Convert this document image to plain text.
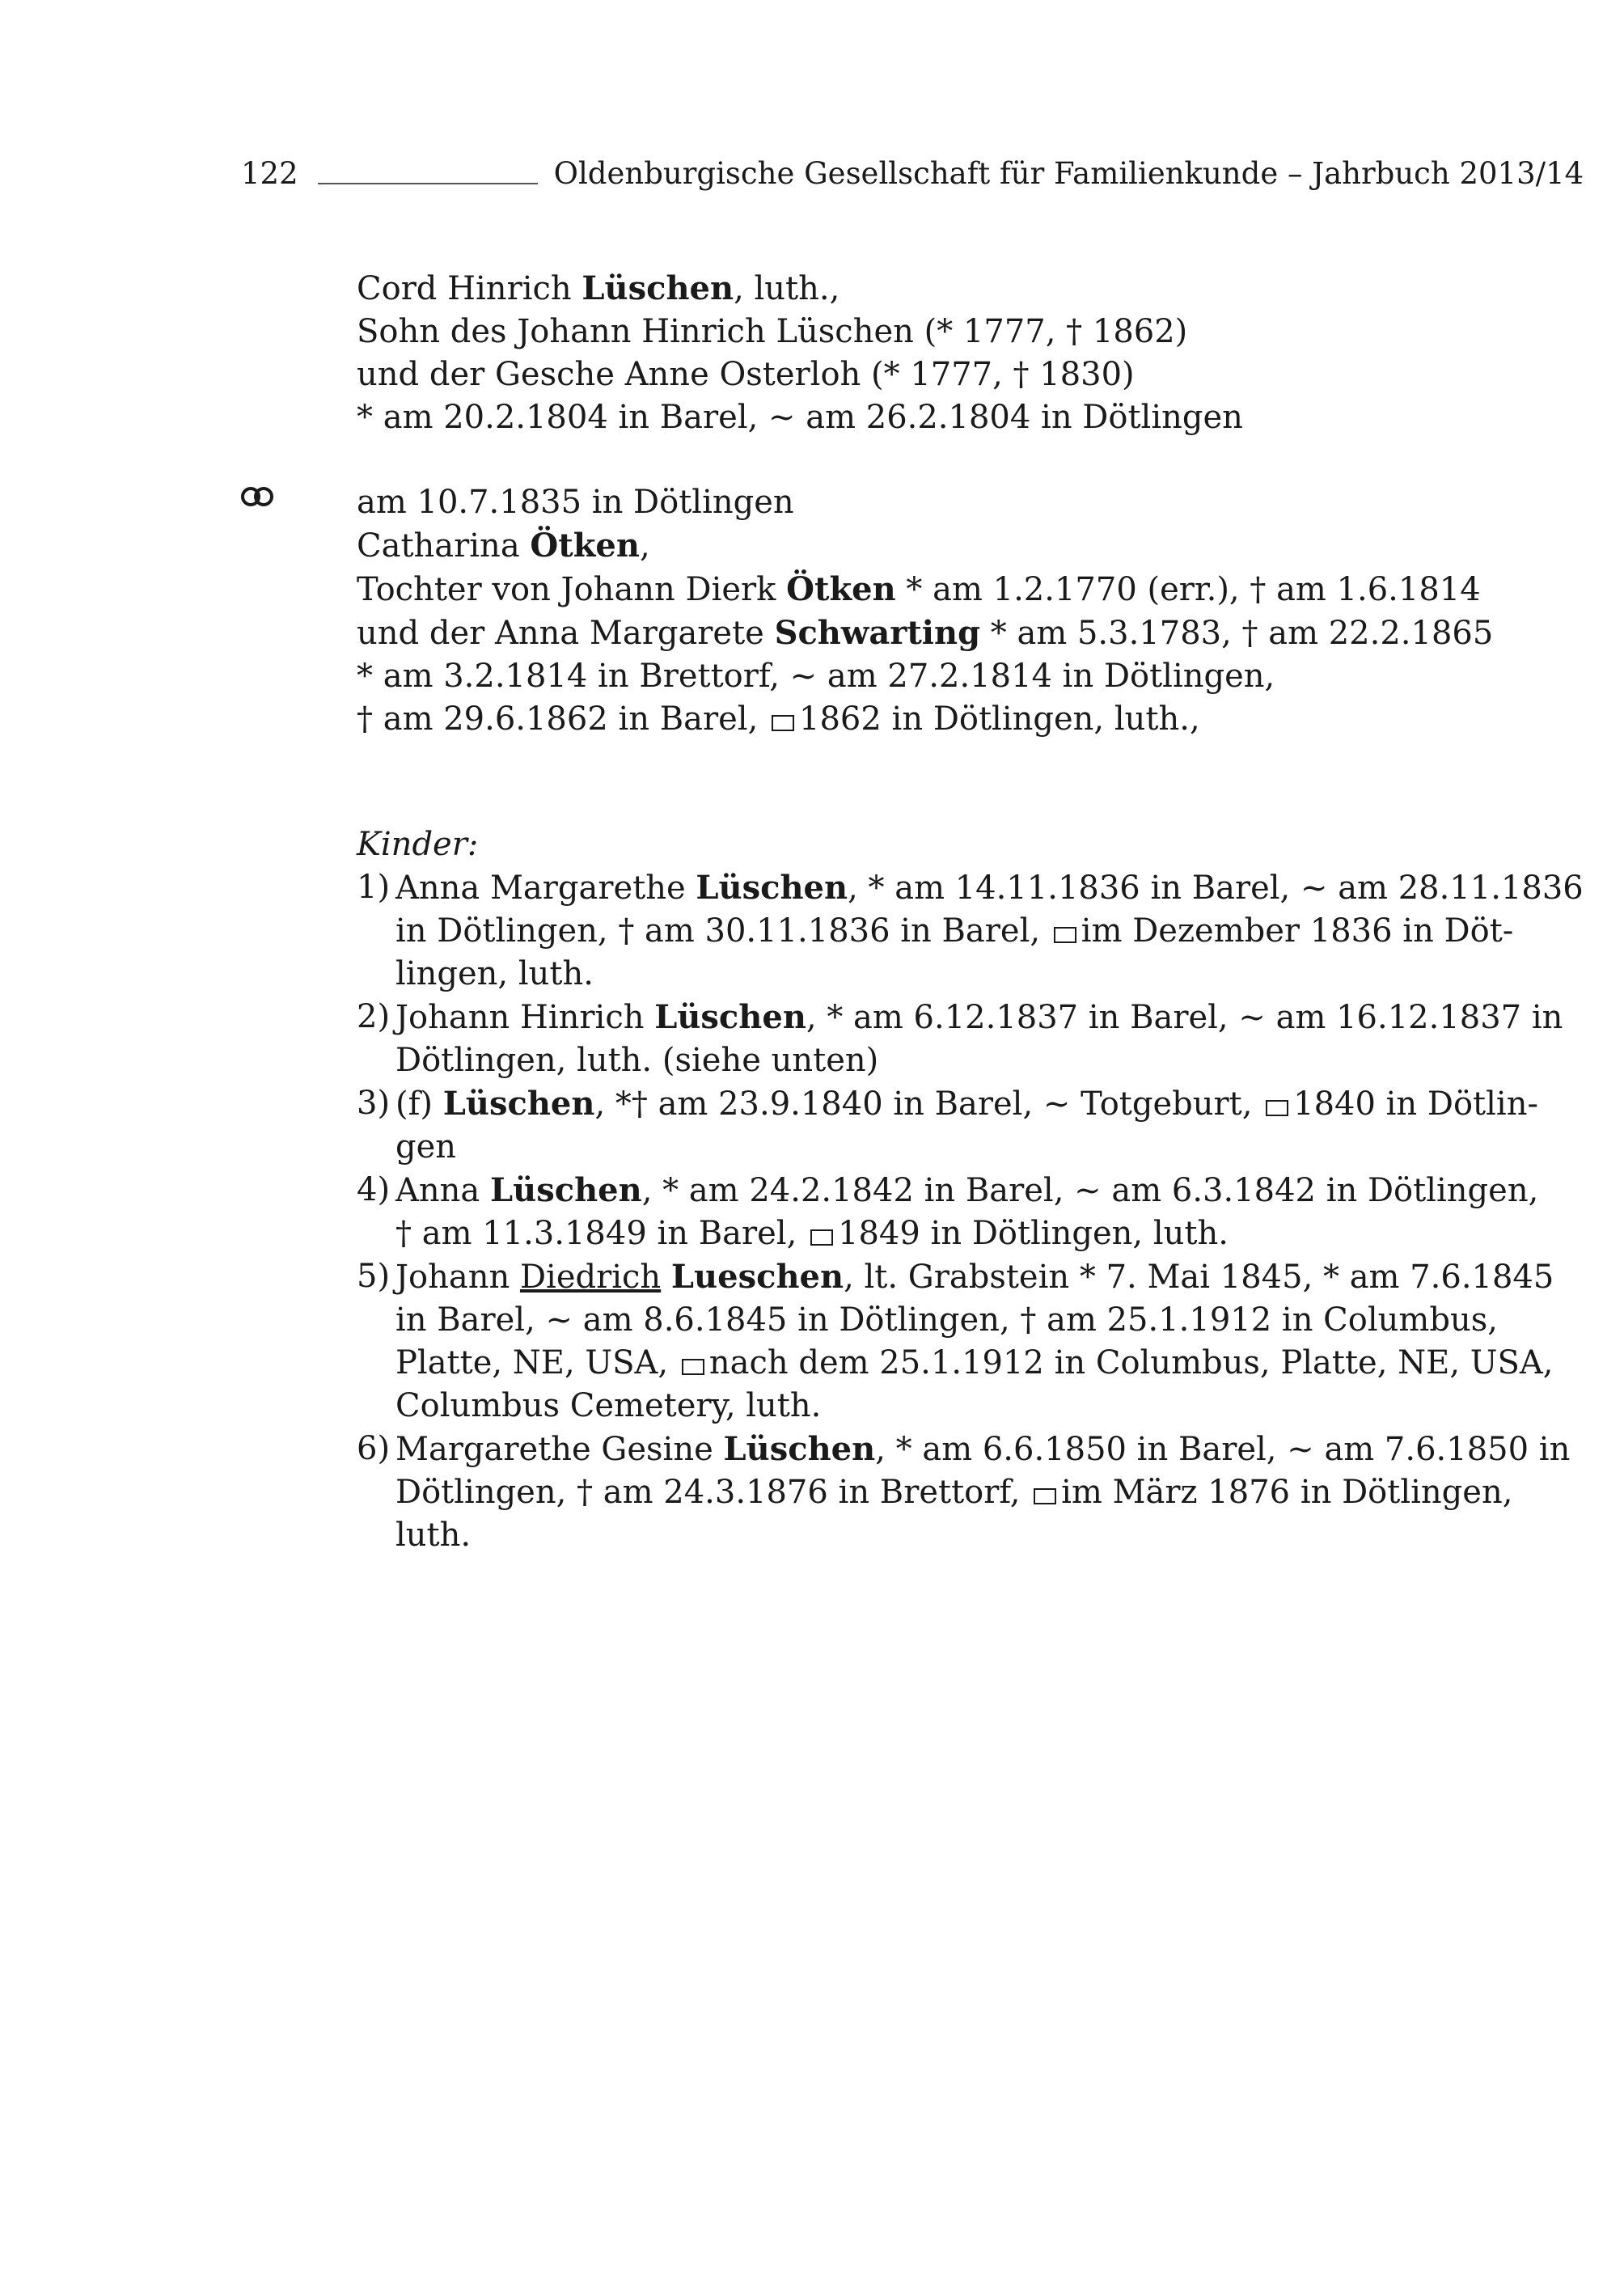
122	Oldenburgische Gesellschaft für Familienkunde – Jahrbuch 2013/14
Cord Hinrich Lüschen, luth.,
Sohn des Johann Hinrich Lüschen (* 1777, † 1862)
und der Gesche Anne Osterloh (* 1777, † 1830)
* am 20.2.1804 in Barel, ~ am 26.2.1804 in Dötlingen
am 10.7.1835 in Dötlingen
Catharina Ötken,
Tochter von Johann Dierk Ötken * am 1.2.1770 (err.), † am 1.6.1814
und der Anna Margarete Schwarting * am 5.3.1783, † am 22.2.1865
* am 3.2.1814 in Brettorf, ~ am 27.2.1814 in Dötlingen,
† am 29.6.1862 in Barel, 1862 in Dötlingen, luth.,
Kinder:
1) Anna Margarethe Lüschen, * am 14.11.1836 in Barel, ~ am 28.11.1836
in Dötlingen, † am 30.11.1836 in Barel, im Dezember 1836 in Döt-
lingen, luth.
2) Johann Hinrich Lüschen, * am 6.12.1837 in Barel, ~ am 16.12.1837 in
Dötlingen, luth. (siehe unten)
3) (f) Lüschen, *† am 23.9.1840 in Barel, ~ Totgeburt, 1840 in Dötlin-
gen
4) Anna Lüschen, * am 24.2.1842 in Barel, ~ am 6.3.1842 in Dötlingen,
† am 11.3.1849 in Barel, 1849 in Dötlingen, luth.
5) Johann Diedrich Lueschen, lt. Grabstein * 7. Mai 1845, * am 7.6.1845
in Barel, ~ am 8.6.1845 in Dötlingen, † am 25.1.1912 in Columbus,
Platte, NE, USA, nach dem 25.1.1912 in Columbus, Platte, NE, USA,
Columbus Cemetery, luth.
6) Margarethe Gesine Lüschen, * am 6.6.1850 in Barel, ~ am 7.6.1850 in
Dötlingen, † am 24.3.1876 in Brettorf, im März 1876 in Dötlingen,
luth.
